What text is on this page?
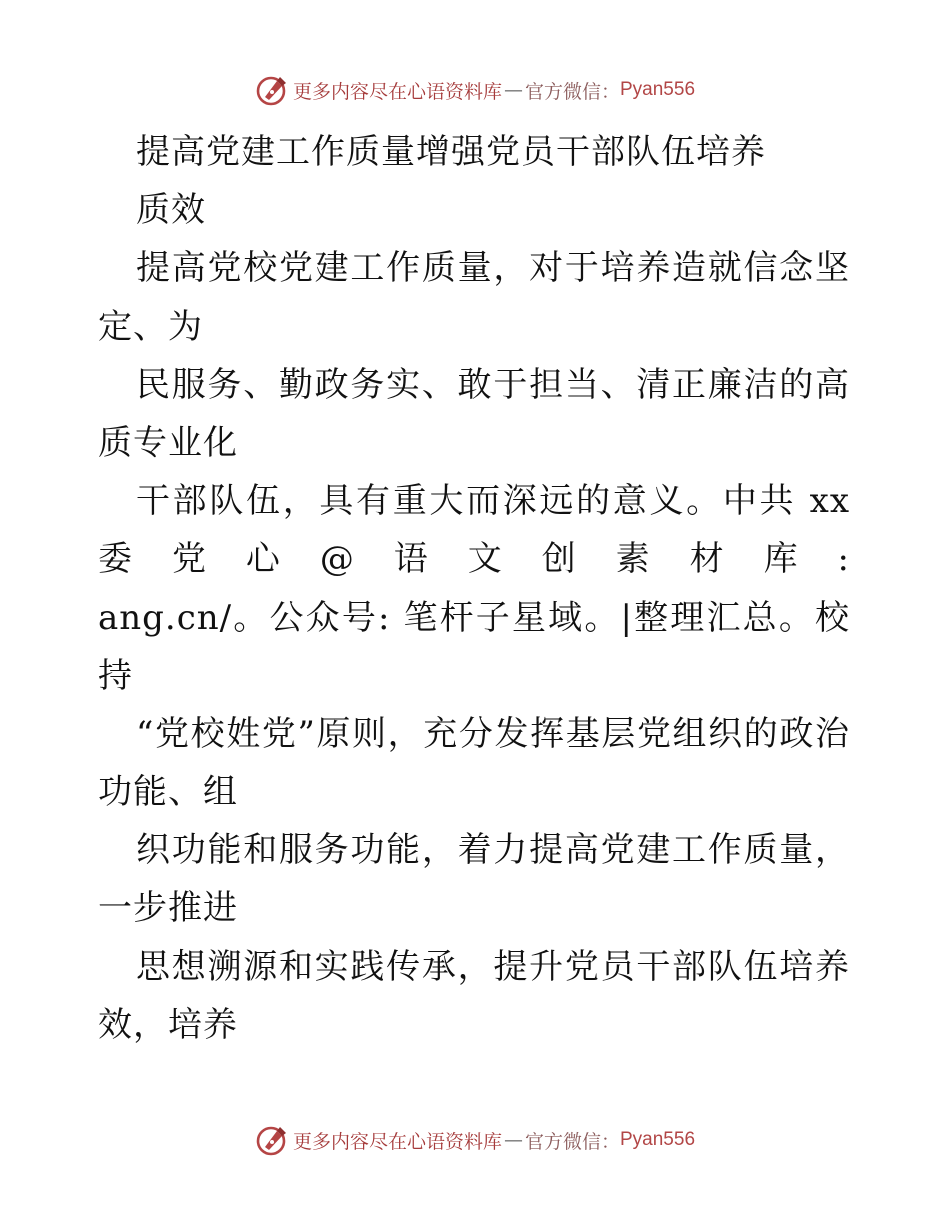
更多内容尽在心语资料库 — 官方微信： Pyan556
提高党建工作质量增强党员干部队伍培养
质效
提高党校党建工作质量，对于培养造就信念坚
定、为
民服务、勤政务实、敢于担当、清正廉洁的高
质专业化
干部队伍，具有重大而深远的意义。中共 xx
委党心@语文创素材库:
ang.cn/。公众号: 笔杆子星域。|整理汇总。校
持
“党校姓党”原则，充分发挥基层党组织的政治
功能、组
织功能和服务功能，着力提高党建工作质量，
一步推进
思想溯源和实践传承，提升党员干部队伍培养
效，培养
更多内容尽在心语资料库 — 官方微信： Pyan556
